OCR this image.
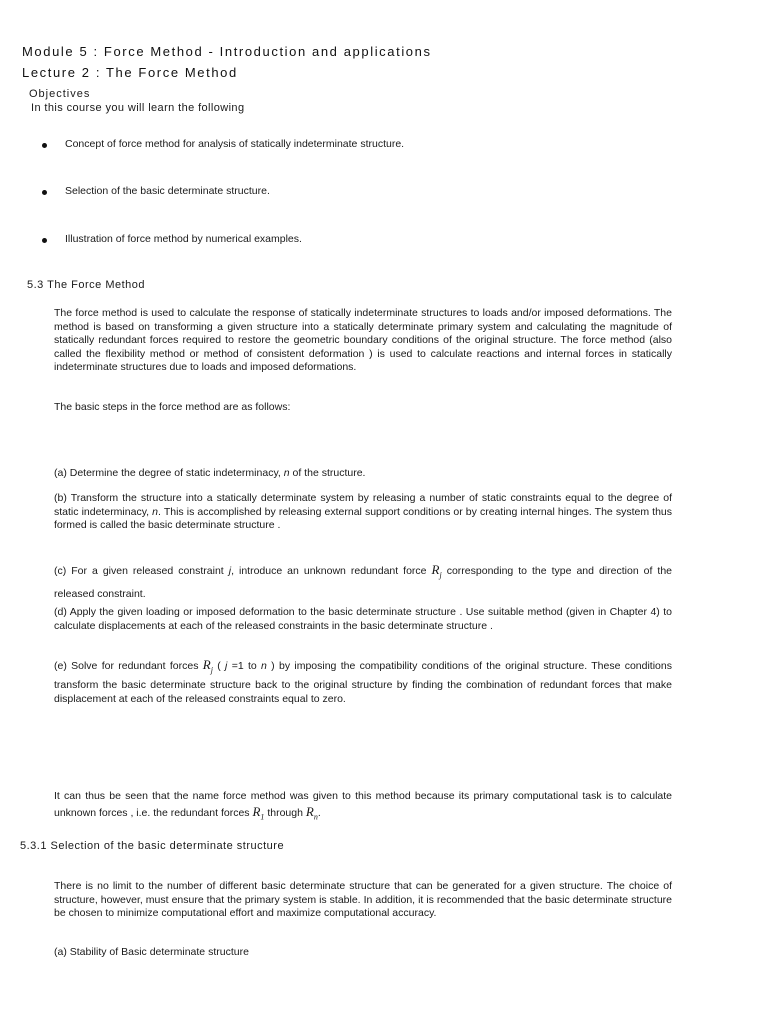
Module 5 : Force Method - Introduction and applications
Lecture 2 : The Force Method
Objectives
In this course you will learn the following
Concept of force method for analysis of statically indeterminate structure.
Selection of the basic determinate structure.
Illustration of force method by numerical examples.
5.3 The Force Method
The force method is used to calculate the response of statically indeterminate structures to loads and/or imposed deformations. The method is based on transforming a given structure into a statically determinate primary system and calculating the magnitude of statically redundant forces required to restore the geometric boundary conditions of the original structure. The force method (also called the flexibility method or method of consistent deformation ) is used to calculate reactions and internal forces in statically indeterminate structures due to loads and imposed deformations.
The basic steps in the force method are as follows:
(a) Determine the degree of static indeterminacy, n of the structure.
(b) Transform the structure into a statically determinate system by releasing a number of static constraints equal to the degree of static indeterminacy, n. This is accomplished by releasing external support conditions or by creating internal hinges. The system thus formed is called the basic determinate structure .
(c) For a given released constraint j, introduce an unknown redundant force $R_j$ corresponding to the type and direction of the released constraint.
(d) Apply the given loading or imposed deformation to the basic determinate structure . Use suitable method (given in Chapter 4) to calculate displacements at each of the released constraints in the basic determinate structure .
(e) Solve for redundant forces $R_j$ ( j =1 to n ) by imposing the compatibility conditions of the original structure. These conditions transform the basic determinate structure back to the original structure by finding the combination of redundant forces that make displacement at each of the released constraints equal to zero.
It can thus be seen that the name force method was given to this method because its primary computational task is to calculate unknown forces , i.e. the redundant forces $R_1$ through $R_n$.
5.3.1 Selection of the basic determinate structure
There is no limit to the number of different basic determinate structure that can be generated for a given structure. The choice of structure, however, must ensure that the primary system is stable. In addition, it is recommended that the basic determinate structure be chosen to minimize computational effort and maximize computational accuracy.
(a) Stability of Basic determinate structure
